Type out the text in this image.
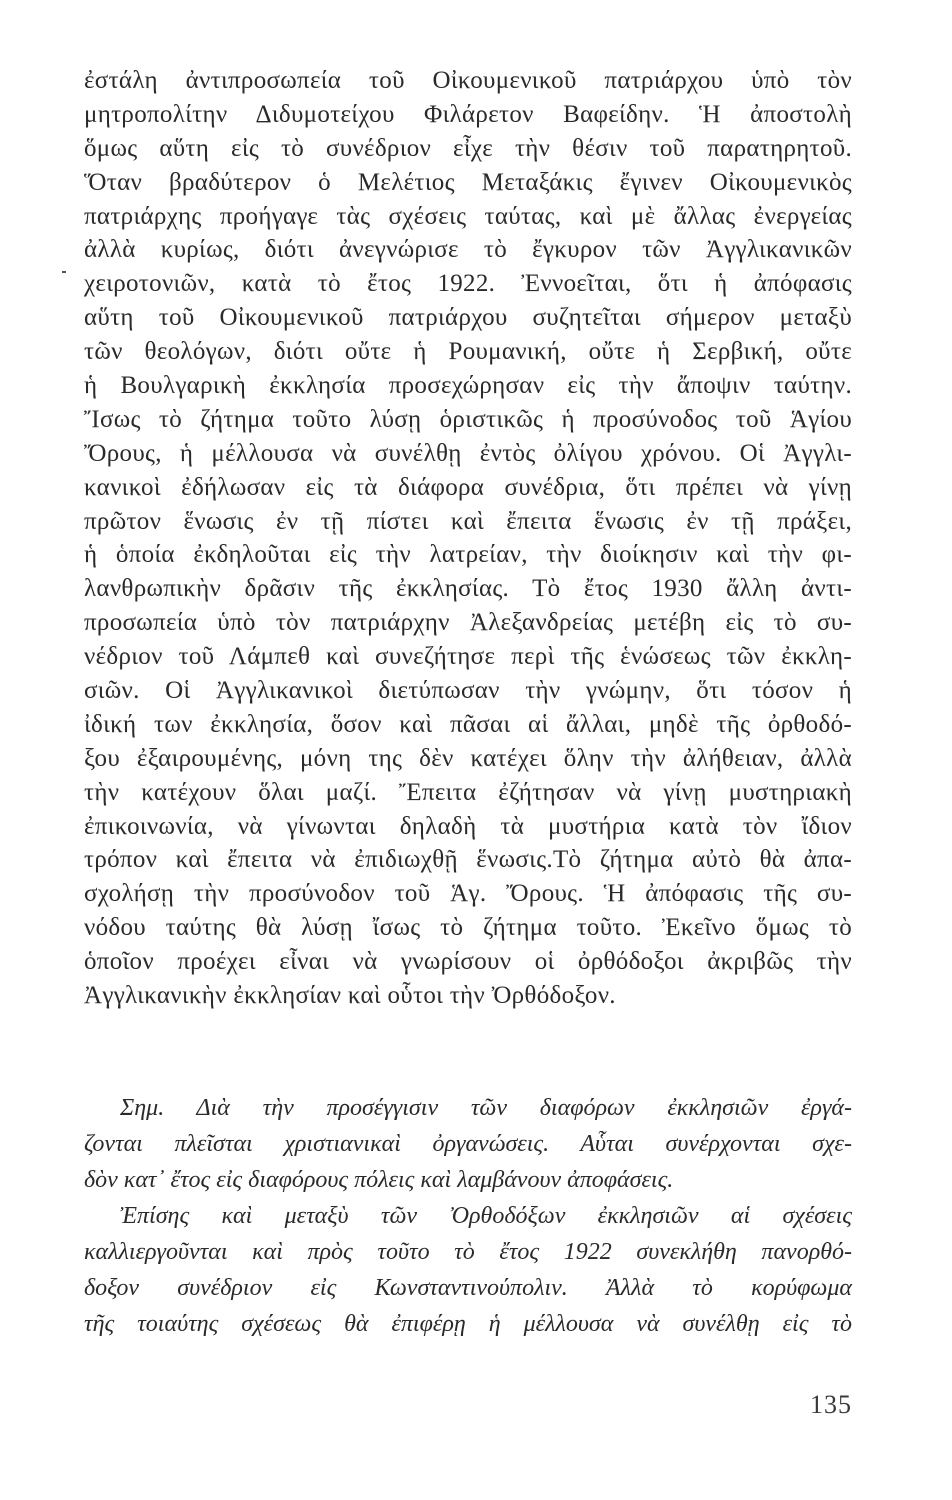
ἐστάλη ἀντιπροσωπεία τοῦ Οἰκουμενικοῦ πατριάρχου ὑπὸ τὸν
μητροπολίτην Διδυμοτείχου Φιλάρετον Βαφείδην. Ἡ ἀποστολὴ
ὅμως αὕτη εἰς τὸ συνέδριον εἶχε τὴν θέσιν τοῦ παρατηρητοῦ.
Ὅταν βραδύτερον ὁ Μελέτιος Μεταξάκις ἔγινεν Οἰκουμενικὸς
πατριάρχης προήγαγε τὰς σχέσεις ταύτας, καὶ μὲ ἄλλας ἐνεργείας
ἀλλὰ κυρίως, διότι ἀνεγνώρισε τὸ ἔγκυρον τῶν Ἀγγλικανικῶν
χειροτονιῶν, κατὰ τὸ ἔτος 1922. Ἐννοεῖται, ὅτι ἡ ἀπόφασις
αὕτη τοῦ Οἰκουμενικοῦ πατριάρχου συζητεῖται σήμερον μεταξὺ
τῶν θεολόγων, διότι οὔτε ἡ Ρουμανική, οὔτε ἡ Σερβική, οὔτε
ἡ Βουλγαρικὴ ἐκκλησία προσεχώρησαν εἰς τὴν ἄποψιν ταύτην.
Ἴσως τὸ ζήτημα τοῦτο λύσῃ ὁριστικῶς ἡ προσύνοδος τοῦ Ἁγίου
Ὄρους, ἡ μέλλουσα νὰ συνέλθῃ ἐντὸς ὀλίγου χρόνου. Οἱ Ἀγγλι-
κανικοὶ ἐδήλωσαν εἰς τὰ διάφορα συνέδρια, ὅτι πρέπει νὰ γίνῃ
πρῶτον ἕνωσις ἐν τῇ πίστει καὶ ἔπειτα ἕνωσις ἐν τῇ πράξει,
ἡ ὁποία ἐκδηλοῦται εἰς τὴν λατρείαν, τὴν διοίκησιν καὶ τὴν φι-
λανθρωπικὴν δρᾶσιν τῆς ἐκκλησίας. Τὸ ἔτος 1930 ἄλλη ἀντι-
προσωπεία ὑπὸ τὸν πατριάρχην Ἀλεξανδρείας μετέβη εἰς τὸ συ-
νέδριον τοῦ Λάμπεθ καὶ συνεζήτησε περὶ τῆς ἑνώσεως τῶν ἐκκλη-
σιῶν. Οἱ Ἀγγλικανικοὶ διετύπωσαν τὴν γνώμην, ὅτι τόσον ἡ
ἰδική των ἐκκλησία, ὅσον καὶ πᾶσαι αἱ ἄλλαι, μηδὲ τῆς ὀρθοδό-
ξου ἐξαιρουμένης, μόνη της δὲν κατέχει ὅλην τὴν ἀλήθειαν, ἀλλὰ
τὴν κατέχουν ὅλαι μαζί. Ἔπειτα ἐζήτησαν νὰ γίνῃ μυστηριακὴ
ἐπικοινωνία, νὰ γίνωνται δηλαδὴ τὰ μυστήρια κατὰ τὸν ἴδιον
τρόπον καὶ ἔπειτα νὰ ἐπιδιωχθῇ ἕνωσις.Τὸ ζήτημα αὐτὸ θὰ ἀπα-
σχολήσῃ τὴν προσύνοδον τοῦ Ἁγ. Ὄρους. Ἡ ἀπόφασις τῆς συ-
νόδου ταύτης θὰ λύσῃ ἴσως τὸ ζήτημα τοῦτο. Ἐκεῖνο ὅμως τὸ
ὁποῖον προέχει εἶναι νὰ γνωρίσουν οἱ ὀρθόδοξοι ἀκριβῶς τὴν
Ἀγγλικανικὴν ἐκκλησίαν καὶ οὗτοι τὴν Ὀρθόδοξον.
Σημ. Διὰ τὴν προσέγγισιν τῶν διαφόρων ἐκκλησιῶν ἐργά-
ζονται πλεῖσται χριστιανικαὶ ὀργανώσεις. Αὗται συνέρχονται σχε-
δὸν κατ᾽ ἔτος εἰς διαφόρους πόλεις καὶ λαμβάνουν ἀποφάσεις.
Ἐπίσης καὶ μεταξὺ τῶν Ὀρθοδόξων ἐκκλησιῶν αἱ σχέσεις
καλλιεργοῦνται καὶ πρὸς τοῦτο τὸ ἔτος 1922 συνεκλήθη πανορθό-
δοξον συνέδριον εἰς Κωνσταντινούπολιν. Ἀλλὰ τὸ κορύφωμα
τῆς τοιαύτης σχέσεως θὰ ἐπιφέρῃ ἡ μέλλουσα νὰ συνέλθῃ εἰς τὸ
135
